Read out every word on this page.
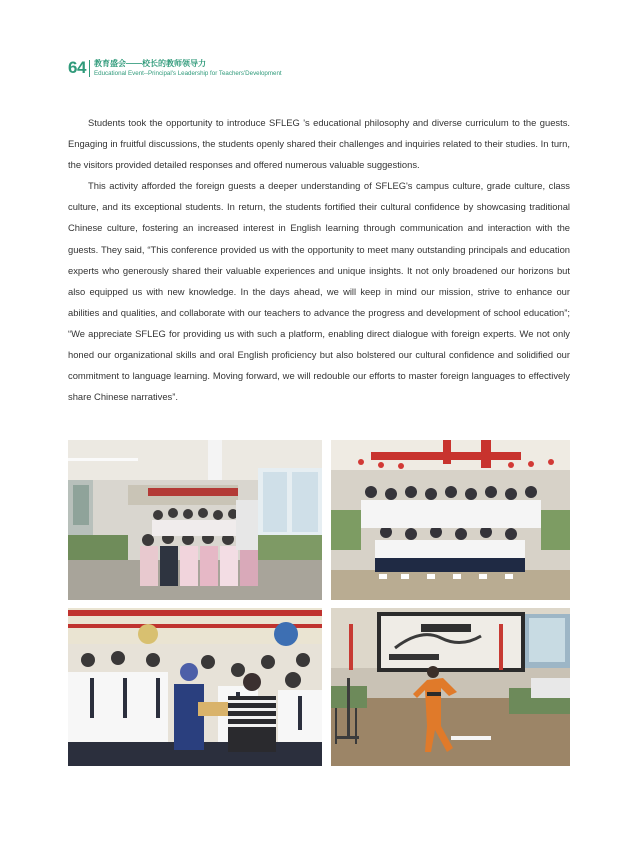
64 教育盛会——校长的教师领导力
Educational Event--Principal's Leadership for Teachers'Development

Students took the opportunity to introduce SFLEG 's educational philosophy and diverse curriculum to the guests. Engaging in fruitful discussions, the students openly shared their challenges and inquiries related to their studies. In turn, the visitors provided detailed responses and offered numerous valuable suggestions.

This activity afforded the foreign guests a deeper understanding of SFLEG's campus culture, grade culture, class culture, and its exceptional students. In return, the students fortified their cultural confidence by showcasing traditional Chinese culture, fostering an increased interest in English learning through communication and interaction with the guests. They said, “This conference provided us with the opportunity to meet many outstanding principals and education experts who generously shared their valuable experiences and unique insights. It not only broadened our horizons but also equipped us with new knowledge. In the days ahead, we will keep in mind our mission, strive to enhance our abilities and qualities, and collaborate with our teachers to advance the progress and development of school education”; “We appreciate SFLEG for providing us with such a platform, enabling direct dialogue with foreign experts. We not only honed our organizational skills and oral English proficiency but also bolstered our cultural confidence and solidified our commitment to language learning. Moving forward, we will redouble our efforts to master foreign languages to effectively share Chinese narratives”.
